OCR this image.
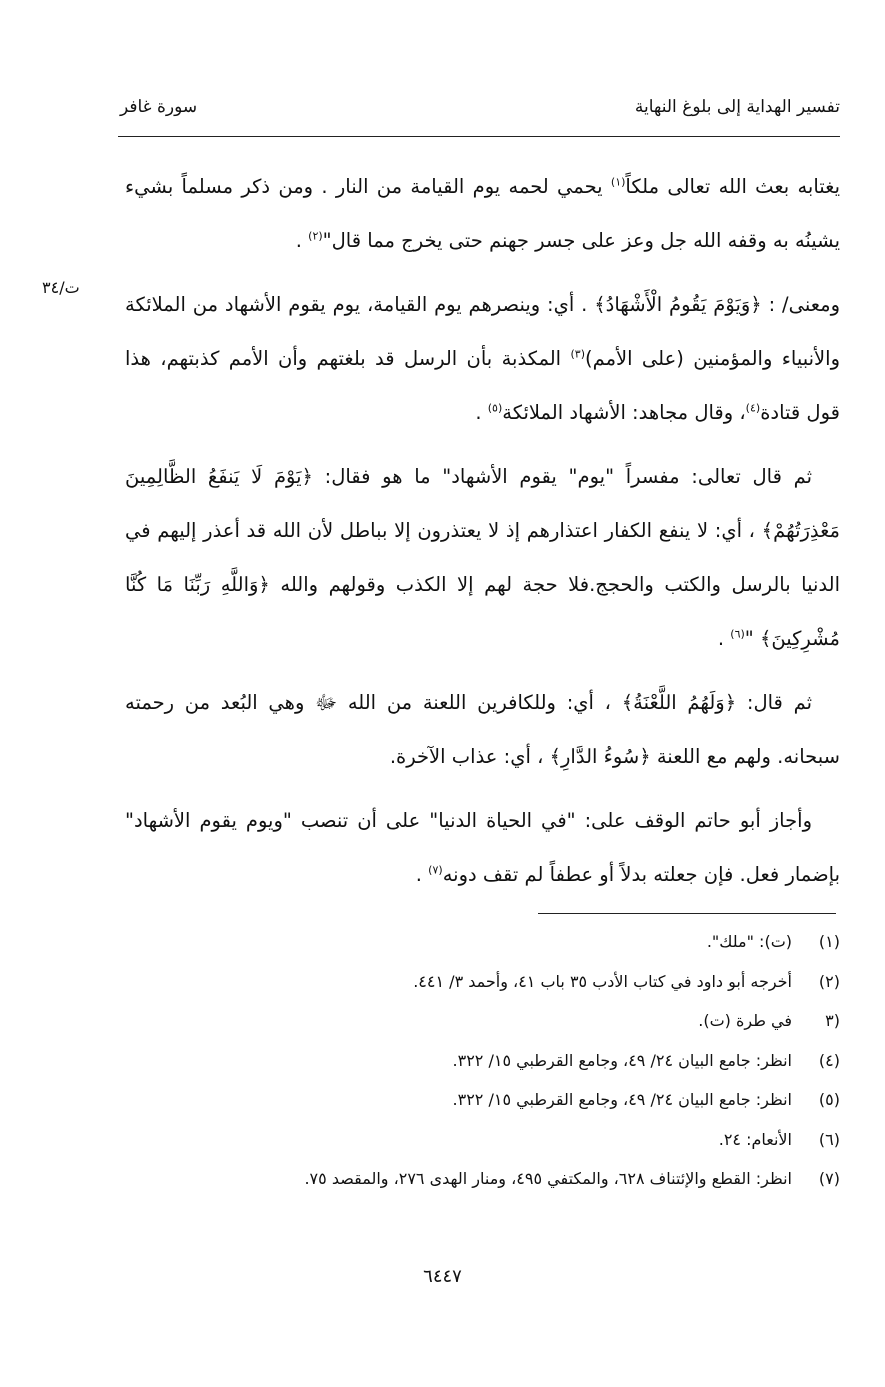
تفسير الهداية إلى بلوغ النهاية
سورة غافر
ت/٣٤

يغتابه بعث الله تعالى ملكاً$^{(١)}$ يحمي لحمه يوم القيامة من النار . ومن ذكر مسلماً بشيء يشينُه به وقفه الله جل وعز على جسر جهنم حتى يخرج مما قال"$^{(٢)}$ .

ومعنى/ : ﴿وَيَوْمَ يَقُومُ الْأَشْهَادُ﴾ . أي: وينصرهم يوم القيامة، يوم يقوم الأشهاد من الملائكة والأنبياء والمؤمنين (على الأمم)$^{(٣)}$ المكذبة بأن الرسل قد بلغتهم وأن الأمم كذبتهم، هذا قول قتادة$^{(٤)}$، وقال مجاهد: الأشهاد الملائكة$^{(٥)}$ .

ثم قال تعالى: مفسراً "يوم" يقوم الأشهاد" ما هو فقال: ﴿يَوْمَ لَا يَنفَعُ الظَّالِمِينَ مَعْذِرَتُهُمْ﴾ ، أي: لا ينفع الكفار اعتذارهم إذ لا يعتذرون إلا بباطل لأن الله قد أعذر إليهم في الدنيا بالرسل والكتب والحجج.فلا حجة لهم إلا الكذب وقولهم والله ﴿وَاللَّهِ رَبِّنَا مَا كُنَّا مُشْرِكِينَ﴾ "$^{(٦)}$ .

ثم قال: ﴿وَلَهُمُ اللَّعْنَةُ﴾ ، أي: وللكافرين اللعنة من الله ﷻ وهي البُعد من رحمته سبحانه. ولهم مع اللعنة ﴿سُوءُ الدَّارِ﴾ ، أي: عذاب الآخرة.

وأجاز أبو حاتم الوقف على: "في الحياة الدنيا" على أن تنصب "ويوم يقوم الأشهاد" بإضمار فعل. فإن جعلته بدلاً أو عطفاً لم تقف دونه$^{(٧)}$ .

(١)
(ت): "ملك".
(٢)
أخرجه أبو داود في كتاب الأدب ٣٥ باب ٤١، وأحمد ٣/ ٤٤١.
(٣
في طرة (ت).
(٤)
انظر: جامع البيان ٢٤/ ٤٩، وجامع القرطبي ١٥/ ٣٢٢.
(٥)
انظر: جامع البيان ٢٤/ ٤٩، وجامع القرطبي ١٥/ ٣٢٢.
(٦)
الأنعام: ٢٤.
(٧)
انظر: القطع والإئتناف ٦٢٨، والمكتفي ٤٩٥، ومنار الهدى ٢٧٦، والمقصد ٧٥.
٦٤٤٧
